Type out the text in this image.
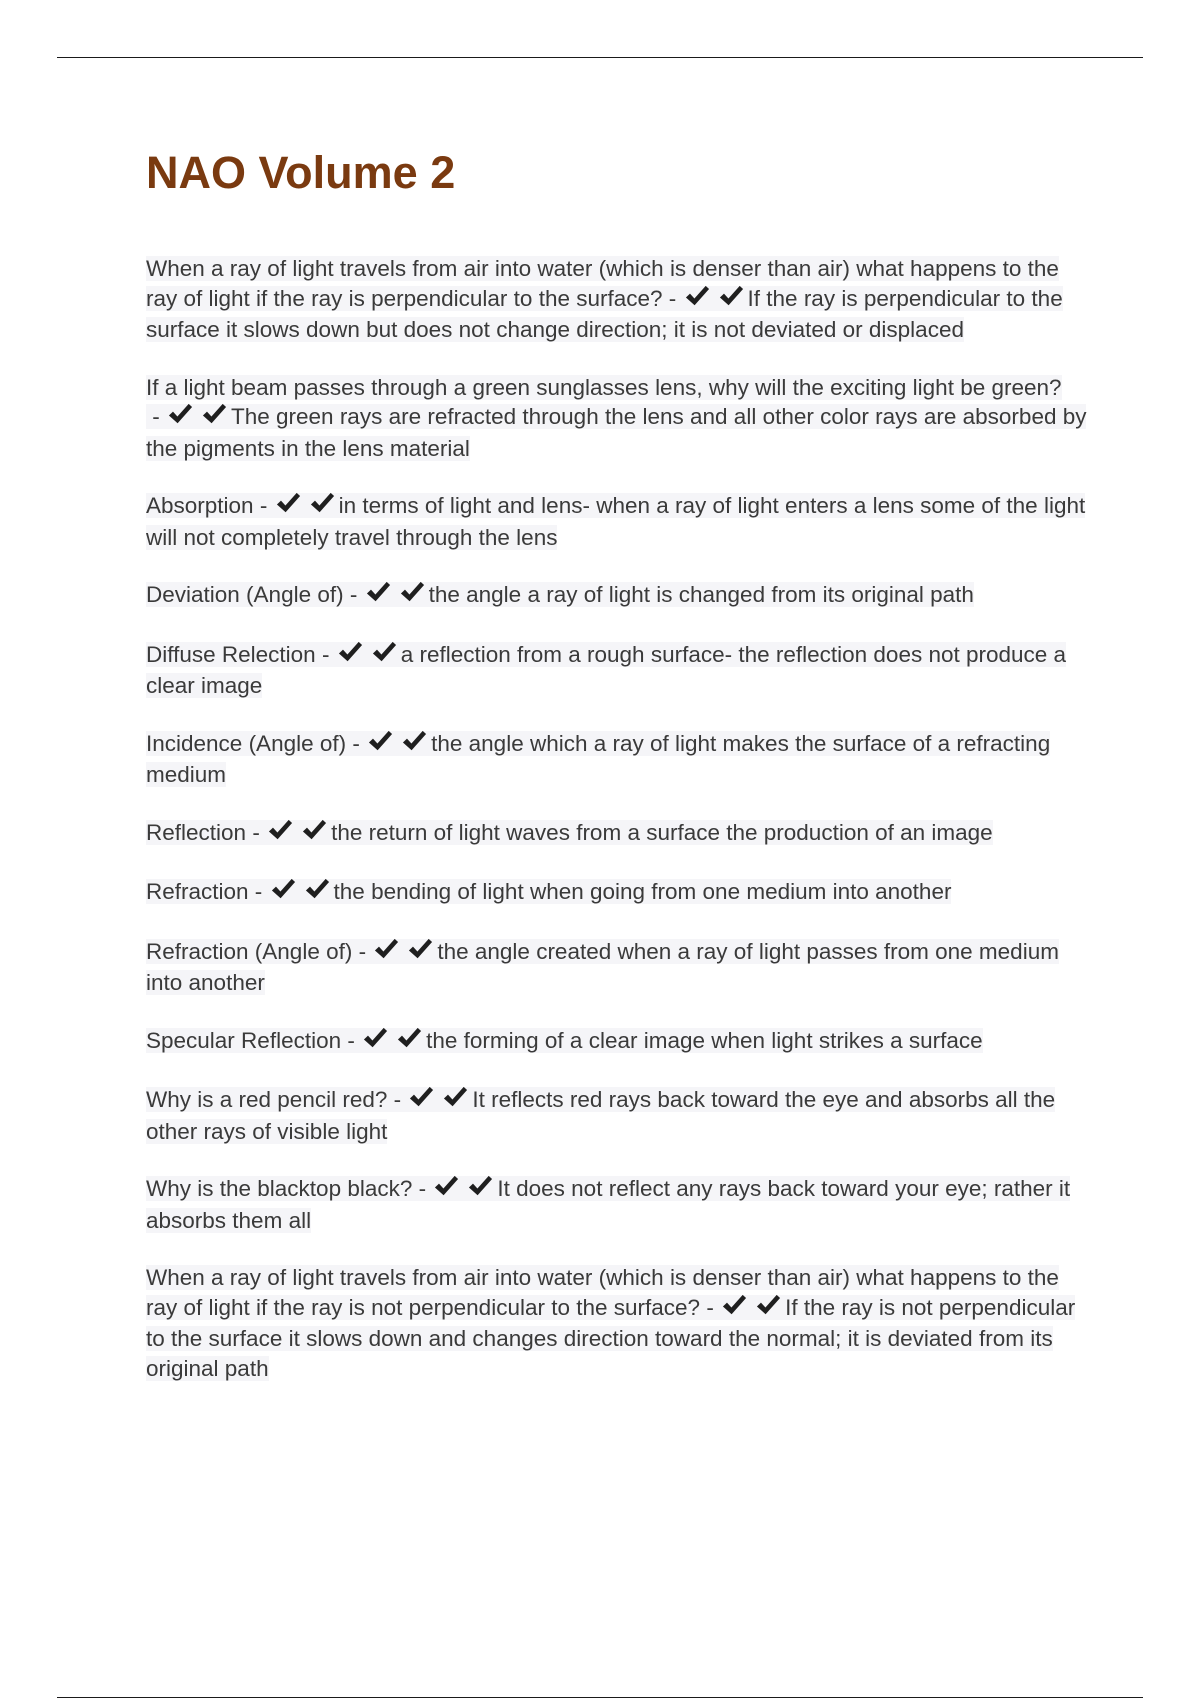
NAO Volume 2

When a ray of light travels from air into water (which is denser than air) what happens to the ray of light if the ray is perpendicular to the surface? -	If the ray is perpendicular to the surface it slows down but does not change direction; it is not deviated or displaced

If a light beam passes through a green sunglasses lens, why will the exciting light be green? -	The green rays are refracted through the lens and all other color rays are absorbed by the pigments in the lens material

Absorption -	in terms of light and lens- when a ray of light enters a lens some of the light will not completely travel through the lens

Deviation (Angle of) -	the angle a ray of light is changed from its original path

Diffuse Relection -	a reflection from a rough surface- the reflection does not produce a clear image

Incidence (Angle of) -	the angle which a ray of light makes the surface of a refracting medium

Reflection -	the return of light waves from a surface the production of an image

Refraction -	the bending of light when going from one medium into another

Refraction (Angle of) -	the angle created when a ray of light passes from one medium into another

Specular Reflection -	the forming of a clear image when light strikes a surface

Why is a red pencil red? -	It reflects red rays back toward the eye and absorbs all the other rays of visible light

Why is the blacktop black? -	It does not reflect any rays back toward your eye; rather it absorbs them all

When a ray of light travels from air into water (which is denser than air) what happens to the ray of light if the ray is not perpendicular to the surface? -	If the ray is not perpendicular to the surface it slows down and changes direction toward the normal; it is deviated from its original path
